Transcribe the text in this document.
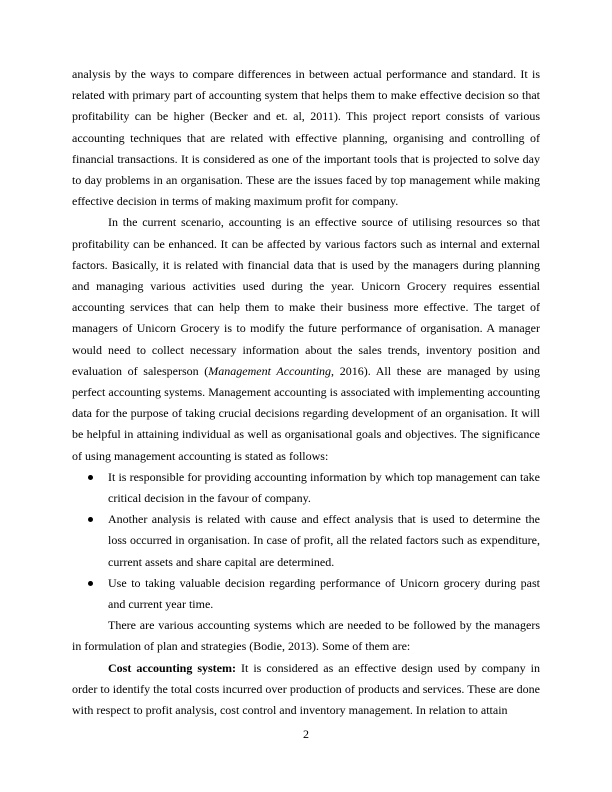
analysis by the ways to compare differences in between actual performance and standard. It is related with primary part of accounting system that helps them to make effective decision so that profitability can be higher (Becker and et. al, 2011). This project report consists of various accounting techniques that are related with effective planning, organising and controlling of financial transactions. It is considered as one of the important tools that is projected to solve day to day problems in an organisation. These are the issues faced by top management while making effective decision in terms of making maximum profit for company.

In the current scenario, accounting is an effective source of utilising resources so that profitability can be enhanced. It can be affected by various factors such as internal and external factors. Basically, it is related with financial data that is used by the managers during planning and managing various activities used during the year. Unicorn Grocery requires essential accounting services that can help them to make their business more effective. The target of managers of Unicorn Grocery is to modify the future performance of organisation. A manager would need to collect necessary information about the sales trends, inventory position and evaluation of salesperson (Management Accounting, 2016). All these are managed by using perfect accounting systems. Management accounting is associated with implementing accounting data for the purpose of taking crucial decisions regarding development of an organisation. It will be helpful in attaining individual as well as organisational goals and objectives. The significance of using management accounting is stated as follows:

It is responsible for providing accounting information by which top management can take critical decision in the favour of company.
Another analysis is related with cause and effect analysis that is used to determine the loss occurred in organisation. In case of profit, all the related factors such as expenditure, current assets and share capital are determined.
Use to taking valuable decision regarding performance of Unicorn grocery during past and current year time.

There are various accounting systems which are needed to be followed by the managers in formulation of plan and strategies (Bodie, 2013). Some of them are:

Cost accounting system: It is considered as an effective design used by company in order to identify the total costs incurred over production of products and services. These are done with respect to profit analysis, cost control and inventory management. In relation to attain

2
